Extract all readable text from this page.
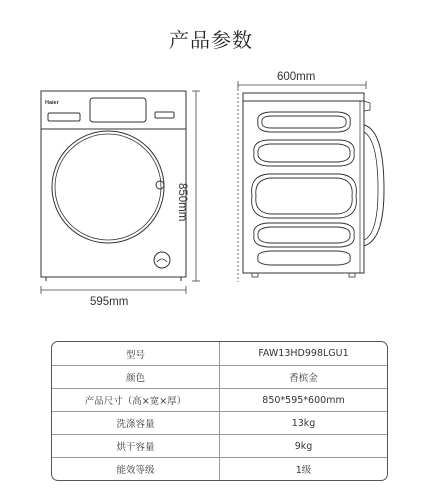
产品参数
Haier
595mm
600mm
850mm
型号	FAW13HD998LGU1
颜色	香槟金
产品尺寸（高×宽×厚）	850*595*600mm
洗涤容量	13kg
烘干容量	9kg
能效等级	1级
